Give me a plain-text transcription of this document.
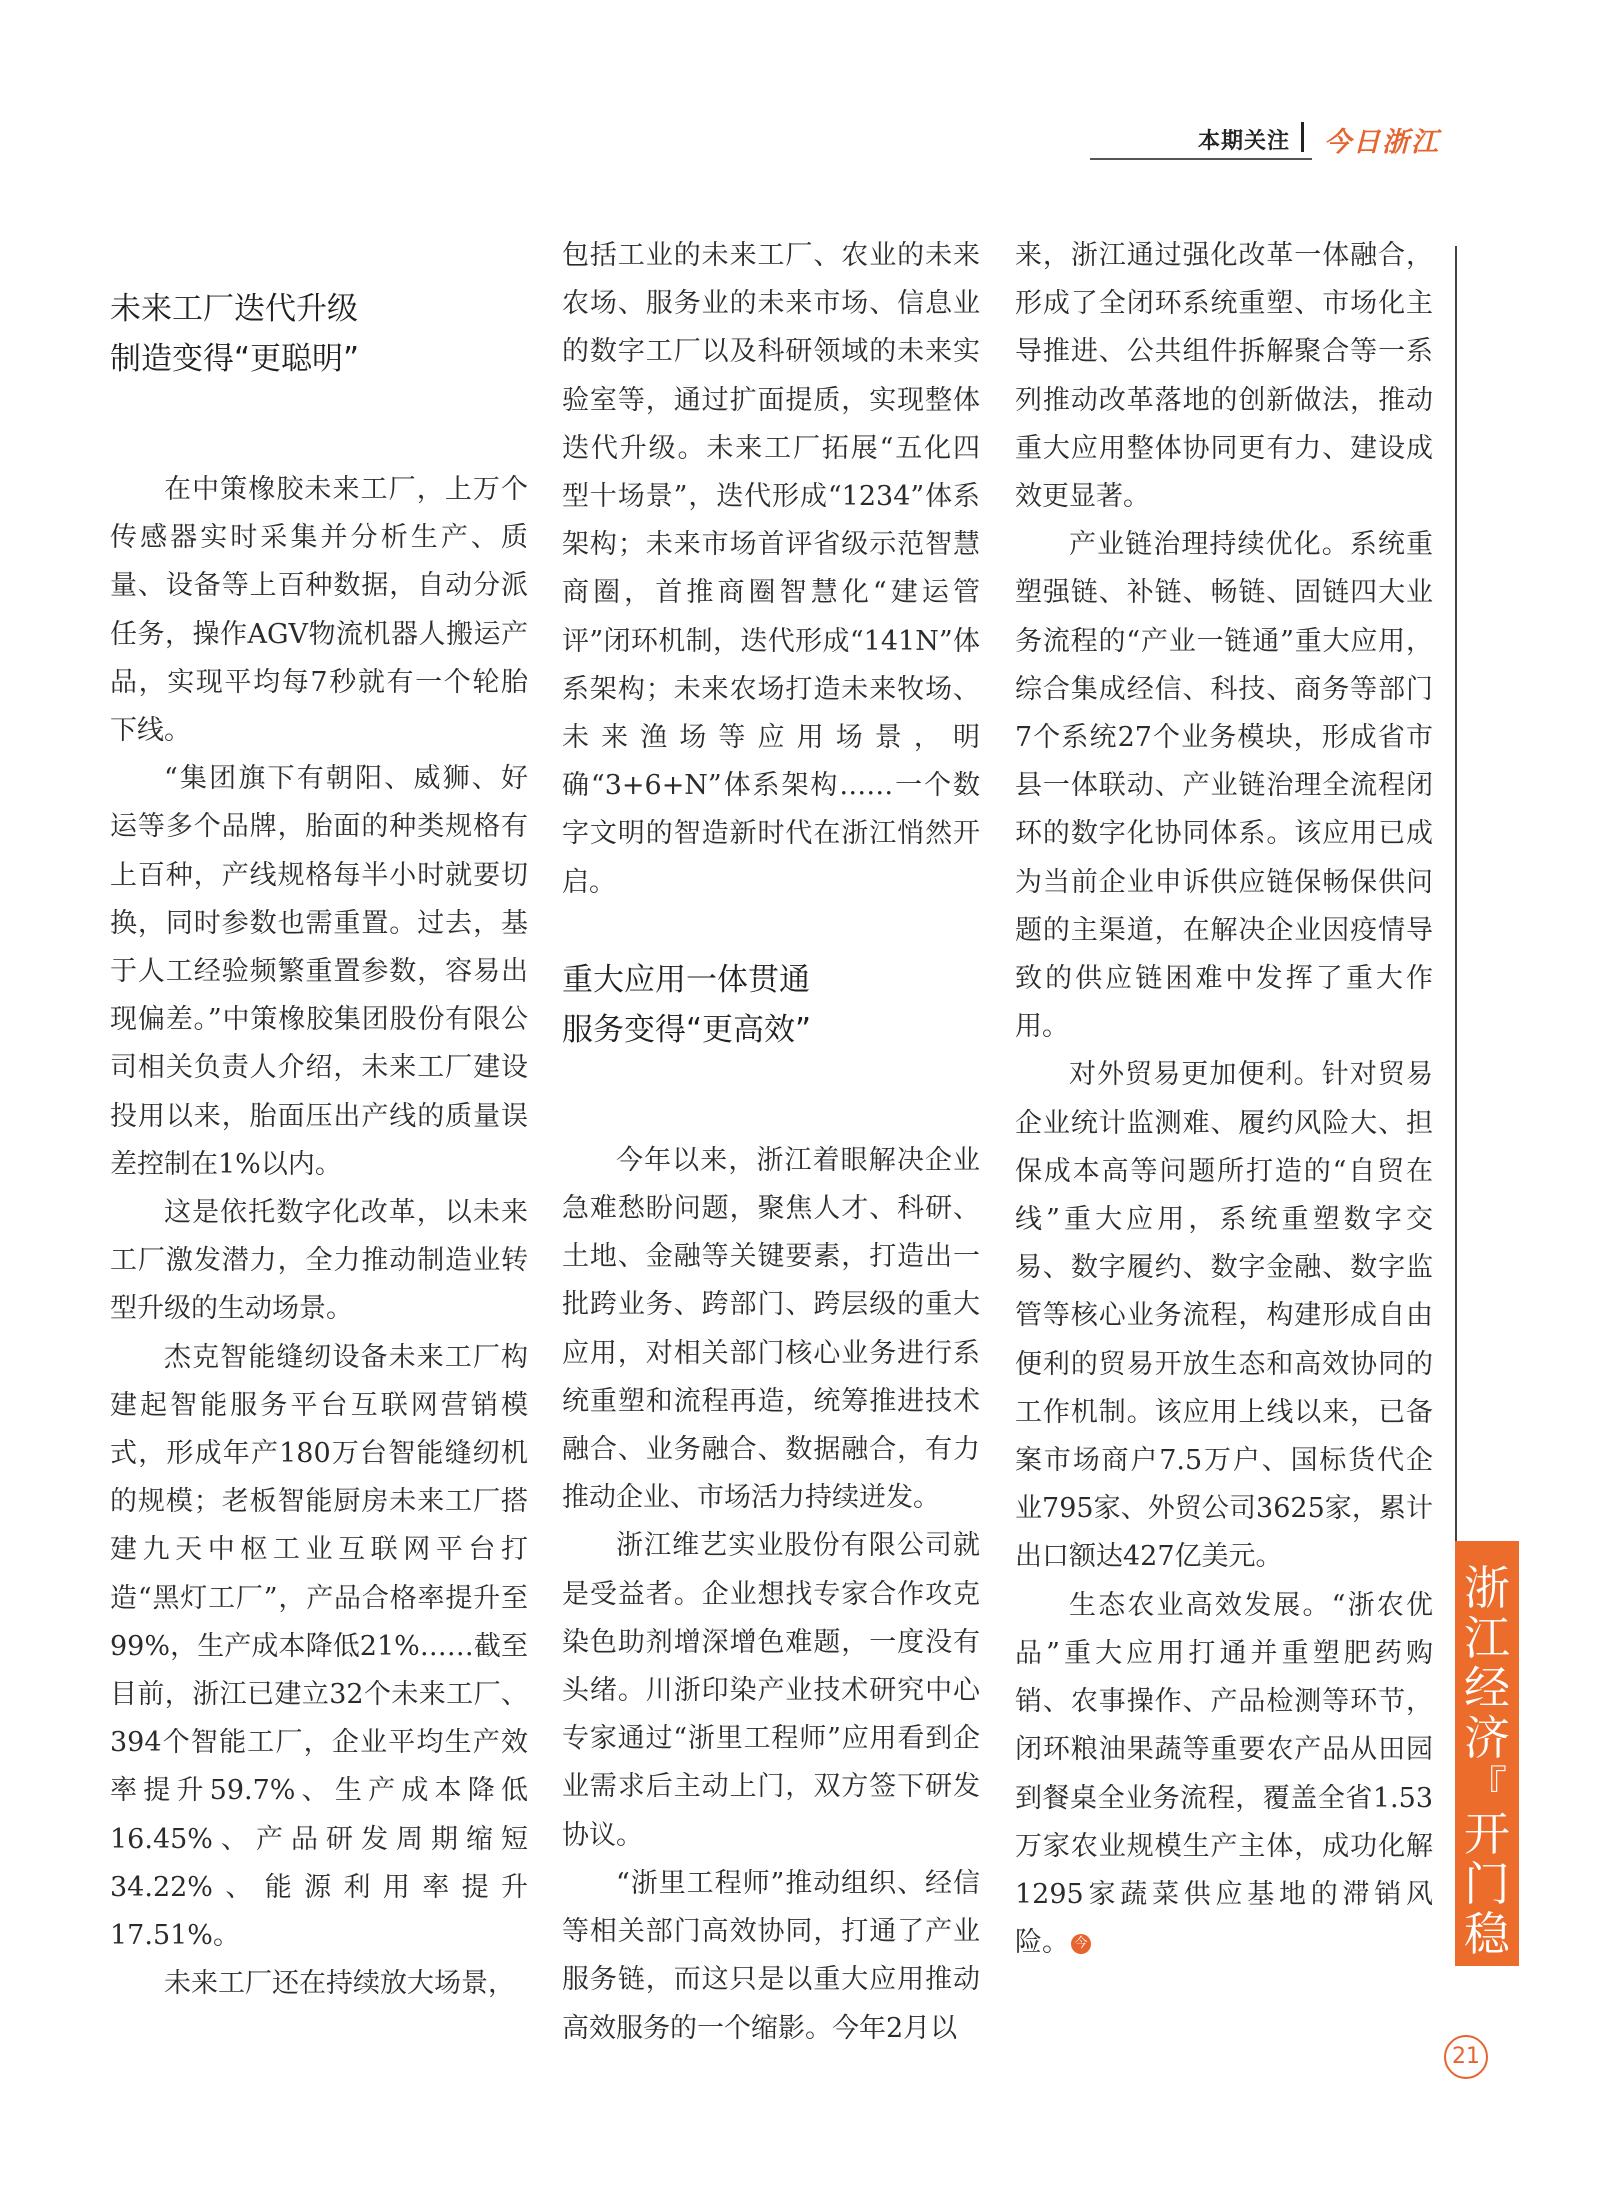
本期关注 今日浙江
未来工厂迭代升级
制造变得“更聪明”

在中策橡胶未来工厂，上万个传感器实时采集并分析生产、质量、设备等上百种数据，自动分派任务，操作AGV物流机器人搬运产品，实现平均每7秒就有一个轮胎下线。

“集团旗下有朝阳、威狮、好运等多个品牌，胎面的种类规格有上百种，产线规格每半小时就要切换，同时参数也需重置。过去，基于人工经验频繁重置参数，容易出现偏差。”中策橡胶集团股份有限公司相关负责人介绍，未来工厂建设投用以来，胎面压出产线的质量误差控制在1%以内。

这是依托数字化改革，以未来工厂激发潜力，全力推动制造业转型升级的生动场景。

杰克智能缝纫设备未来工厂构建起智能服务平台互联网营销模式，形成年产180万台智能缝纫机的规模；老板智能厨房未来工厂搭建九天中枢工业互联网平台打造“黑灯工厂”，产品合格率提升至99%，生产成本降低21%……截至目前，浙江已建立32个未来工厂、394个智能工厂，企业平均生产效率提升59.7%、生产成本降低16.45%、产品研发周期缩短34.22%、能源利用率提升17.51%。

未来工厂还在持续放大场景，

包括工业的未来工厂、农业的未来农场、服务业的未来市场、信息业的数字工厂以及科研领域的未来实验室等，通过扩面提质，实现整体迭代升级。未来工厂拓展“五化四型十场景”，迭代形成“1234”体系架构；未来市场首评省级示范智慧商圈，首推商圈智慧化“建运管评”闭环机制，迭代形成“141N”体系架构；未来农场打造未来牧场、未来渔场等应用场景，明确“3+6+N”体系架构……一个数字文明的智造新时代在浙江悄然开启。

重大应用一体贯通
服务变得“更高效”

今年以来，浙江着眼解决企业急难愁盼问题，聚焦人才、科研、土地、金融等关键要素，打造出一批跨业务、跨部门、跨层级的重大应用，对相关部门核心业务进行系统重塑和流程再造，统筹推进技术融合、业务融合、数据融合，有力推动企业、市场活力持续迸发。

浙江维艺实业股份有限公司就是受益者。企业想找专家合作攻克染色助剂增深增色难题，一度没有头绪。川浙印染产业技术研究中心专家通过“浙里工程师”应用看到企业需求后主动上门，双方签下研发协议。

“浙里工程师”推动组织、经信等相关部门高效协同，打通了产业服务链，而这只是以重大应用推动高效服务的一个缩影。今年2月以

来，浙江通过强化改革一体融合，形成了全闭环系统重塑、市场化主导推进、公共组件拆解聚合等一系列推动改革落地的创新做法，推动重大应用整体协同更有力、建设成效更显著。

产业链治理持续优化。系统重塑强链、补链、畅链、固链四大业务流程的“产业一链通”重大应用，综合集成经信、科技、商务等部门7个系统27个业务模块，形成省市县一体联动、产业链治理全流程闭环的数字化协同体系。该应用已成为当前企业申诉供应链保畅保供问题的主渠道，在解决企业因疫情导致的供应链困难中发挥了重大作用。

对外贸易更加便利。针对贸易企业统计监测难、履约风险大、担保成本高等问题所打造的“自贸在线”重大应用，系统重塑数字交易、数字履约、数字金融、数字监管等核心业务流程，构建形成自由便利的贸易开放生态和高效协同的工作机制。该应用上线以来，已备案市场商户7.5万户、国标货代企业795家、外贸公司3625家，累计出口额达427亿美元。

生态农业高效发展。“浙农优品”重大应用打通并重塑肥药购销、农事操作、产品检测等环节，闭环粮油果蔬等重要农产品从田园到餐桌全业务流程，覆盖全省1.53万家农业规模生产主体，成功化解1295家蔬菜供应基地的滞销风险。 今

浙
江
经
济
『
开
门
稳
』
21
